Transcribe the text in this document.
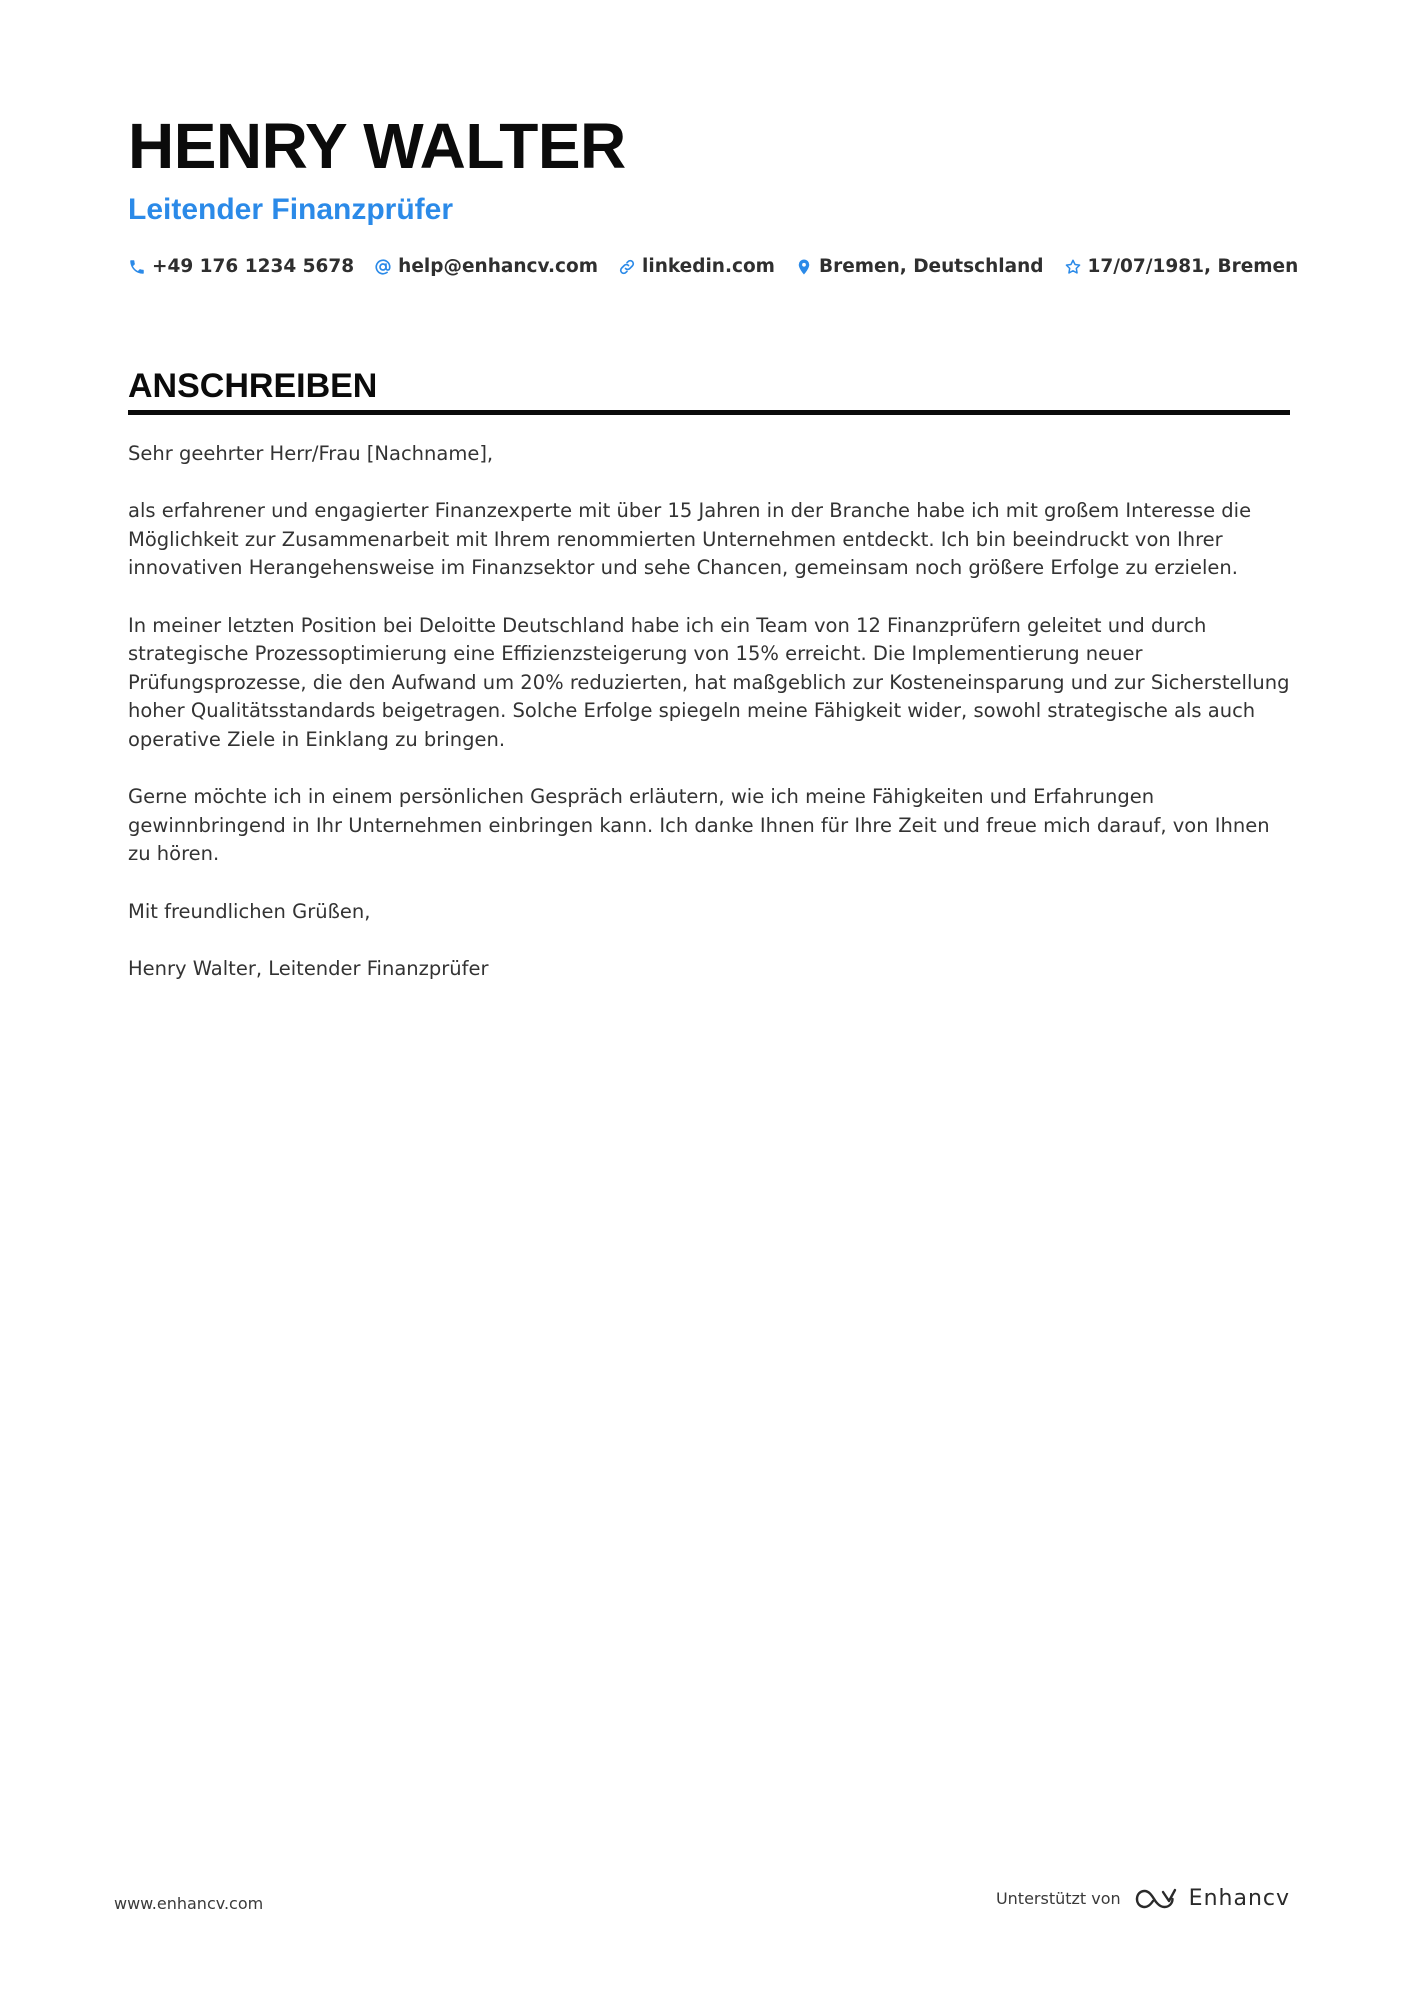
HENRY WALTER
Leitender Finanzprüfer
+49 176 1234 5678 help@enhancv.com linkedin.com Bremen, Deutschland 17/07/1981, Bremen
ANSCHREIBEN

Sehr geehrter Herr/Frau [Nachname],

als erfahrener und engagierter Finanzexperte mit über 15 Jahren in der Branche habe ich mit großem Interesse die Möglichkeit zur Zusammenarbeit mit Ihrem renommierten Unternehmen entdeckt. Ich bin beeindruckt von Ihrer innovativen Herangehensweise im Finanzsektor und sehe Chancen, gemeinsam noch größere Erfolge zu erzielen.

In meiner letzten Position bei Deloitte Deutschland habe ich ein Team von 12 Finanzprüfern geleitet und durch strategische Prozessoptimierung eine Effizienzsteigerung von 15% erreicht. Die Implementierung neuer Prüfungsprozesse, die den Aufwand um 20% reduzierten, hat maßgeblich zur Kosteneinsparung und zur Sicherstellung hoher Qualitätsstandards beigetragen. Solche Erfolge spiegeln meine Fähigkeit wider, sowohl strategische als auch operative Ziele in Einklang zu bringen.

Gerne möchte ich in einem persönlichen Gespräch erläutern, wie ich meine Fähigkeiten und Erfahrungen gewinnbringend in Ihr Unternehmen einbringen kann. Ich danke Ihnen für Ihre Zeit und freue mich darauf, von Ihnen zu hören.

Mit freundlichen Grüßen,

Henry Walter, Leitender Finanzprüfer

www.enhancv.com	Unterstützt von	Enhancv
